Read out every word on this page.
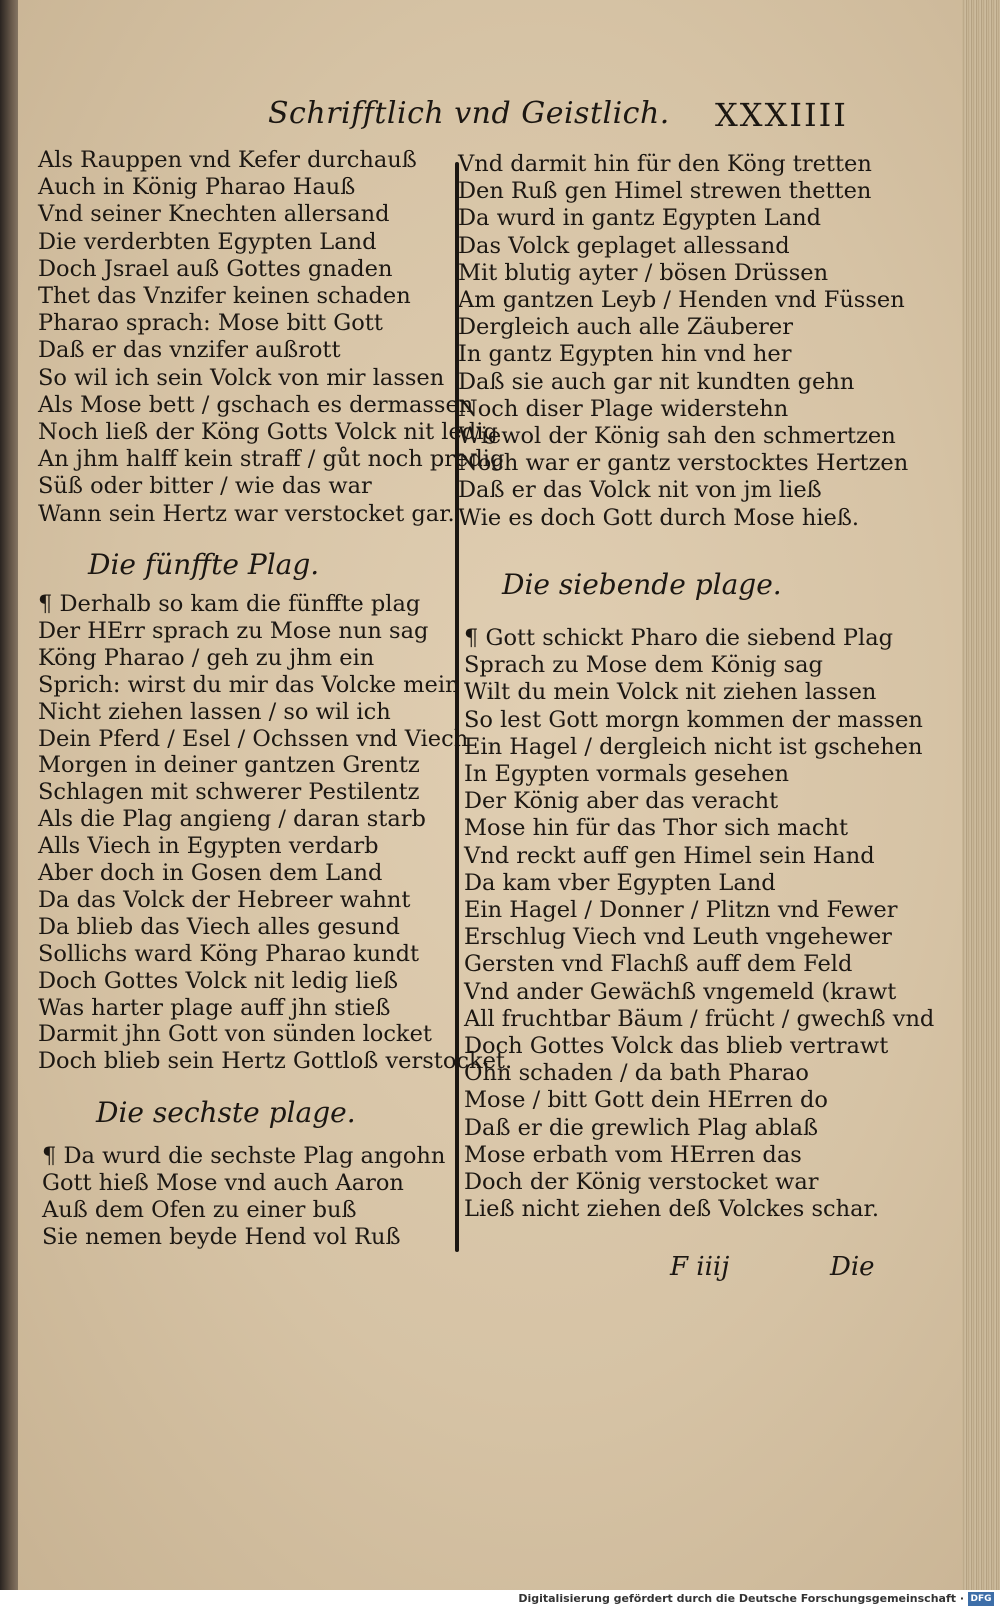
Schrifftlich vnd Geistlich. XXXIIII
Als Rauppen vnd Kefer durchauß
Auch in König Pharao Hauß
Vnd seiner Knechten allersand
Die verderbten Egypten Land
Doch Jsrael auß Gottes gnaden
Thet das Vnzifer keinen schaden
Pharao sprach: Mose bitt Gott
Daß er das vnzifer außrott
So wil ich sein Volck von mir lassen
Als Mose bett / gschach es dermassen
Noch ließ der Köng Gotts Volck nit ledig
An jhm halff kein straff / gůt noch predig
Süß oder bitter / wie das war
Wann sein Hertz war verstocket gar.
Die fünffte Plag.
¶ Derhalb so kam die fünffte plag
Der HErr sprach zu Mose nun sag
Köng Pharao / geh zu jhm ein
Sprich: wirst du mir das Volcke mein
Nicht ziehen lassen / so wil ich
Dein Pferd / Esel / Ochssen vnd Viech
Morgen in deiner gantzen Grentz
Schlagen mit schwerer Pestilentz
Als die Plag angieng / daran starb
Alls Viech in Egypten verdarb
Aber doch in Gosen dem Land
Da das Volck der Hebreer wahnt
Da blieb das Viech alles gesund
Sollichs ward Köng Pharao kundt
Doch Gottes Volck nit ledig ließ
Was harter plage auff jhn stieß
Darmit jhn Gott von sünden locket
Doch blieb sein Hertz Gottloß verstocket.
Die sechste plage.
¶ Da wurd die sechste Plag angohn
Gott hieß Mose vnd auch Aaron
Auß dem Ofen zu einer buß
Sie nemen beyde Hend vol Ruß
Vnd darmit hin für den Köng tretten
Den Ruß gen Himel strewen thetten
Da wurd in gantz Egypten Land
Das Volck geplaget allessand
Mit blutig ayter / bösen Drüssen
Am gantzen Leyb / Henden vnd Füssen
Dergleich auch alle Zäuberer
In gantz Egypten hin vnd her
Daß sie auch gar nit kundten gehn
Noch diser Plage widerstehn
Wiewol der König sah den schmertzen
Noch war er gantz verstocktes Hertzen
Daß er das Volck nit von jm ließ
Wie es doch Gott durch Mose hieß.
Die siebende plage.
¶ Gott schickt Pharo die siebend Plag
Sprach zu Mose dem König sag
Wilt du mein Volck nit ziehen lassen
So lest Gott morgn kommen der massen
Ein Hagel / dergleich nicht ist gschehen
In Egypten vormals gesehen
Der König aber das veracht
Mose hin für das Thor sich macht
Vnd reckt auff gen Himel sein Hand
Da kam vber Egypten Land
Ein Hagel / Donner / Plitzn vnd Fewer
Erschlug Viech vnd Leuth vngehewer
Gersten vnd Flachß auff dem Feld
Vnd ander Gewächß vngemeld (krawt
All fruchtbar Bäum / frücht / gwechß vnd
Doch Gottes Volck das blieb vertrawt
Ohn schaden / da bath Pharao
Mose / bitt Gott dein HErren do
Daß er die grewlich Plag ablaß
Mose erbath vom HErren das
Doch der König verstocket war
Ließ nicht ziehen deß Volckes schar.
F iiij	Die
Digitalisierung gefördert durch die Deutsche Forschungsgemeinschaft · DFG
